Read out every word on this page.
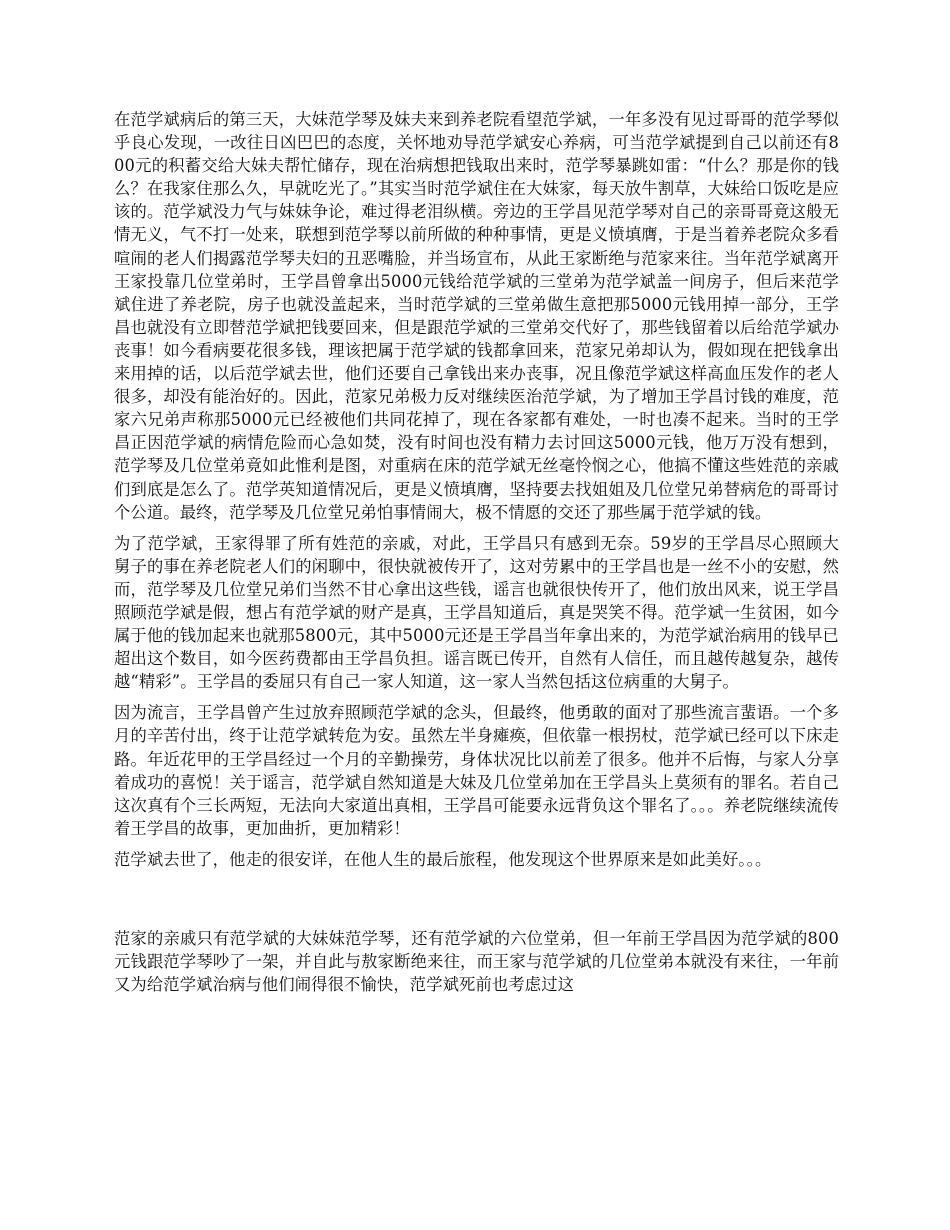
在范学斌病后的第三天，大妹范学琴及妹夫来到养老院看望范学斌，一年多没有见过哥哥的范学琴似乎良心发现，一改往日凶巴巴的态度，关怀地劝导范学斌安心养病，可当范学斌提到自己以前还有800元的积蓄交给大妹夫帮忙储存，现在治病想把钱取出来时，范学琴暴跳如雷：“什么？那是你的钱么？在我家住那么久，早就吃光了。”其实当时范学斌住在大妹家，每天放牛割草，大妹给口饭吃是应该的。范学斌没力气与妹妹争论，难过得老泪纵横。旁边的王学昌见范学琴对自己的亲哥哥竟这般无情无义，气不打一处来，联想到范学琴以前所做的种种事情，更是义愤填膺，于是当着养老院众多看喧闹的老人们揭露范学琴夫妇的丑恶嘴脸，并当场宣布，从此王家断绝与范家来往。当年范学斌离开王家投靠几位堂弟时，王学昌曾拿出5000元钱给范学斌的三堂弟为范学斌盖一间房子，但后来范学斌住进了养老院，房子也就没盖起来，当时范学斌的三堂弟做生意把那5000元钱用掉一部分，王学昌也就没有立即替范学斌把钱要回来，但是跟范学斌的三堂弟交代好了，那些钱留着以后给范学斌办丧事！如今看病要花很多钱，理该把属于范学斌的钱都拿回来，范家兄弟却认为，假如现在把钱拿出来用掉的话，以后范学斌去世，他们还要自己拿钱出来办丧事，况且像范学斌这样高血压发作的老人很多，却没有能治好的。因此，范家兄弟极力反对继续医治范学斌，为了增加王学昌讨钱的难度，范家六兄弟声称那5000元已经被他们共同花掉了，现在各家都有难处，一时也凑不起来。当时的王学昌正因范学斌的病情危险而心急如焚，没有时间也没有精力去讨回这5000元钱，他万万没有想到，范学琴及几位堂弟竟如此惟利是图，对重病在床的范学斌无丝毫怜悯之心，他搞不懂这些姓范的亲戚们到底是怎么了。范学英知道情况后，更是义愤填膺，坚持要去找姐姐及几位堂兄弟替病危的哥哥讨个公道。最终，范学琴及几位堂兄弟怕事情闹大，极不情愿的交还了那些属于范学斌的钱。

为了范学斌，王家得罪了所有姓范的亲戚，对此，王学昌只有感到无奈。59岁的王学昌尽心照顾大舅子的事在养老院老人们的闲聊中，很快就被传开了，这对劳累中的王学昌也是一丝不小的安慰，然而，范学琴及几位堂兄弟们当然不甘心拿出这些钱，谣言也就很快传开了，他们放出风来，说王学昌照顾范学斌是假，想占有范学斌的财产是真，王学昌知道后，真是哭笑不得。范学斌一生贫困，如今属于他的钱加起来也就那5800元，其中5000元还是王学昌当年拿出来的，为范学斌治病用的钱早已超出这个数目，如今医药费都由王学昌负担。谣言既已传开，自然有人信任，而且越传越复杂，越传越“精彩”。王学昌的委屈只有自己一家人知道，这一家人当然包括这位病重的大舅子。

因为流言，王学昌曾产生过放弃照顾范学斌的念头，但最终，他勇敢的面对了那些流言蜚语。一个多月的辛苦付出，终于让范学斌转危为安。虽然左半身瘫痪，但依靠一根拐杖，范学斌已经可以下床走路。年近花甲的王学昌经过一个月的辛勤操劳，身体状况比以前差了很多。他并不后悔，与家人分享着成功的喜悦！关于谣言，范学斌自然知道是大妹及几位堂弟加在王学昌头上莫须有的罪名。若自己这次真有个三长两短，无法向大家道出真相，王学昌可能要永远背负这个罪名了。。。养老院继续流传着王学昌的故事，更加曲折，更加精彩！

范学斌去世了，他走的很安详，在他人生的最后旅程，他发现这个世界原来是如此美好。。。

范家的亲戚只有范学斌的大妹妹范学琴，还有范学斌的六位堂弟，但一年前王学昌因为范学斌的800元钱跟范学琴吵了一架，并自此与敖家断绝来往，而王家与范学斌的几位堂弟本就没有来往，一年前又为给范学斌治病与他们闹得很不愉快，范学斌死前也考虑过这
